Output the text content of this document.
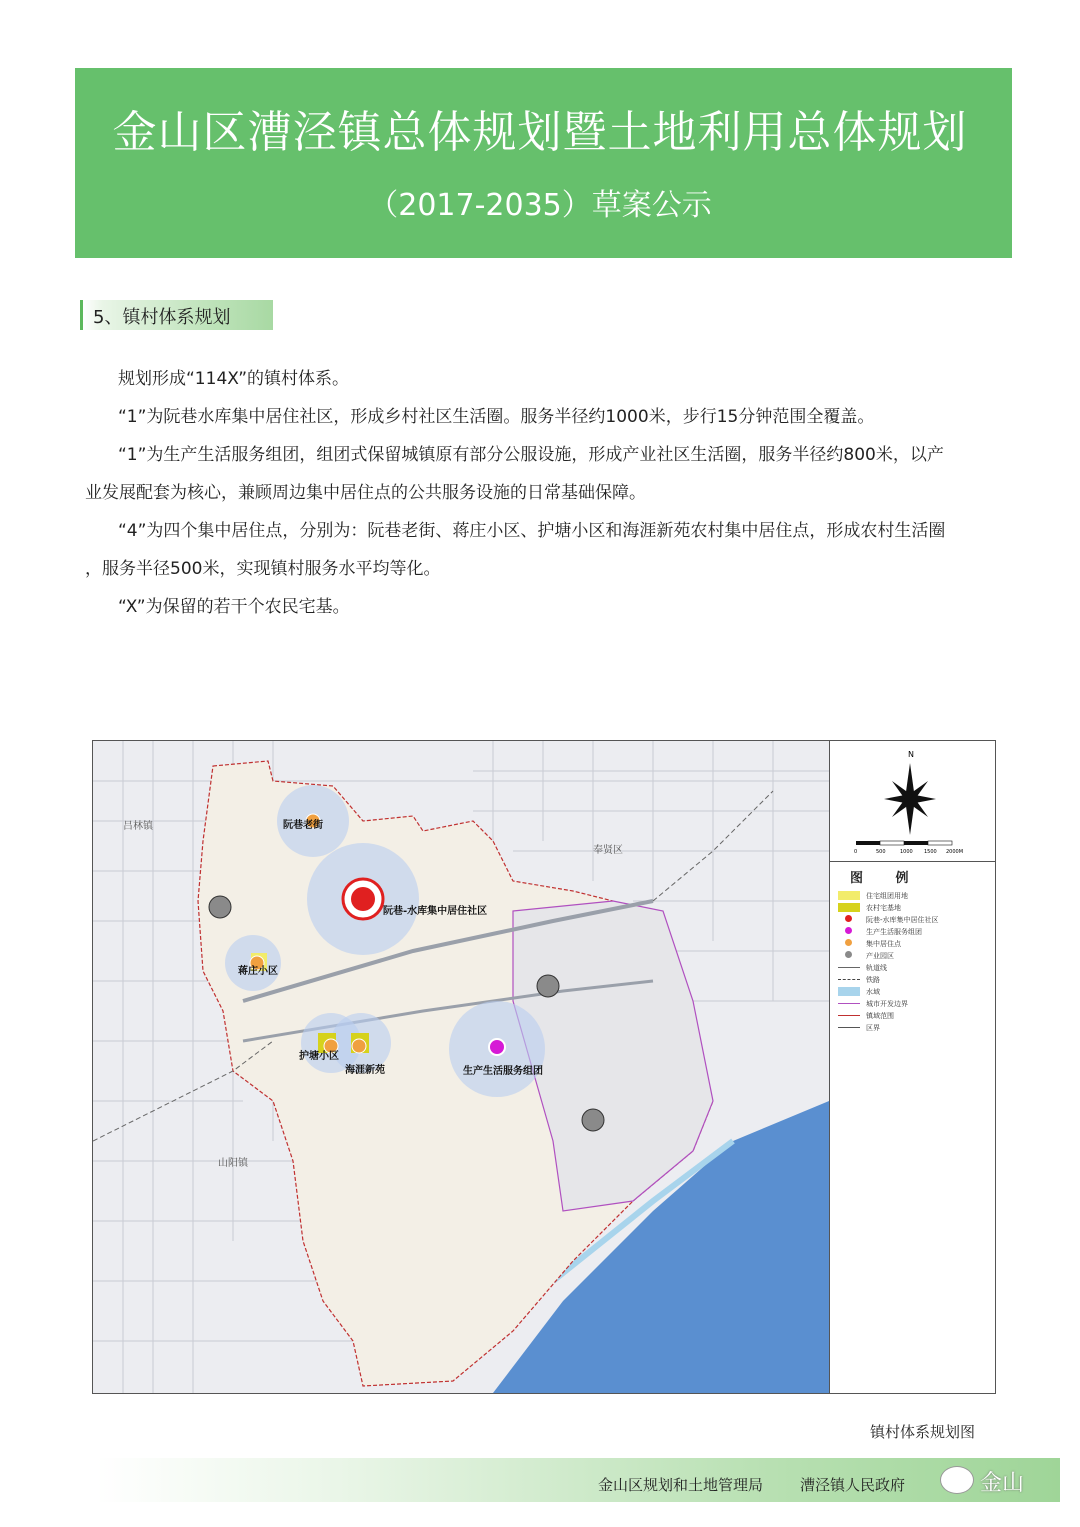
金山区漕泾镇总体规划暨土地利用总体规划
（2017-2035）草案公示
5、镇村体系规划
规划形成“114X”的镇村体系。
“1”为阮巷水库集中居住社区，形成乡村社区生活圈。服务半径约1000米，步行15分钟范围全覆盖。
“1”为生产生活服务组团，组团式保留城镇原有部分公服设施，形成产业社区生活圈，服务半径约800米，以产
业发展配套为核心，兼顾周边集中居住点的公共服务设施的日常基础保障。
“4”为四个集中居住点，分别为：阮巷老街、蒋庄小区、护塘小区和海涯新苑农村集中居住点，形成农村生活圈
，服务半径500米，实现镇村服务水平均等化。
“X”为保留的若干个农民宅基。
阮巷老街
阮巷-水库集中居住社区
蒋庄小区
护塘小区
海涯新苑	生产生活服务组团
吕林镇
奉贤区
山阳镇
N
0	500	1000 1500 2000M
图 例
住宅组团用地
农村宅基地
阮巷-水库集中居住社区
生产生活服务组团
集中居住点
产业园区
轨道线
铁路
水域
城市开发边界
镇域范围
区界
镇村体系规划图
金山区规划和土地管理局 漕泾镇人民政府	金山
